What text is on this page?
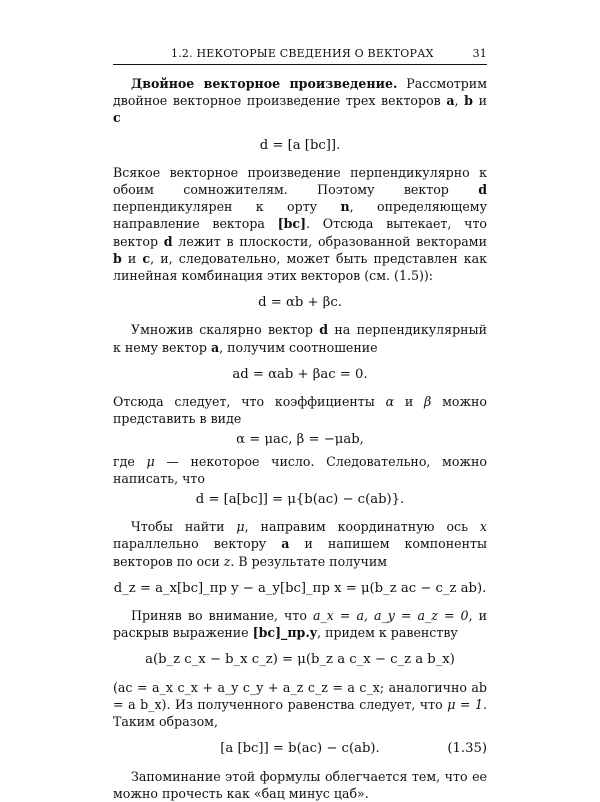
1.2. НЕКОТОРЫЕ СВЕДЕНИЯ О ВЕКТОРАХ	31

Двойное векторное произведение. Рассмотрим двойное векторное произведение трех векторов a, b и c

d = [a [bc]].

Всякое векторное произведение перпендикулярно к обоим сомножителям. Поэтому вектор d перпендикулярен к орту n, определяющему направление вектора [bc]. Отсюда вытекает, что вектор d лежит в плоскости, образованной векторами b и c, и, следовательно, может быть представлен как линейная комбинация этих векторов (см. (1.5)):

d = αb + βc.

Умножив скалярно вектор d на перпендикулярный к нему вектор a, получим соотношение

ad = αab + βac = 0.

Отсюда следует, что коэффициенты α и β можно представить в виде

α = μac, β = −μab,

где μ — некоторое число. Следовательно, можно написать, что

d = [a[bc]] = μ{b(ac) − c(ab)}.

Чтобы найти μ, направим координатную ось x параллельно вектору a и напишем компоненты векторов по оси z. В результате получим

d_z = a_x[bc]_пр y − a_y[bc]_пр x = μ(b_z ac − c_z ab).

Приняв во внимание, что a_x = a, a_y = a_z = 0, и раскрыв выражение [bc]_пр.y, придем к равенству

a(b_z c_x − b_x c_z) = μ(b_z a c_x − c_z a b_x)

(ac = a_x c_x + a_y c_y + a_z c_z = a c_x; аналогично ab = a b_x). Из полученного равенства следует, что μ = 1. Таким образом,

[a [bc]] = b(ac) − c(ab).	(1.35)

Запоминание этой формулы облегчается тем, что ее можно прочесть как «бац минус цаб».
